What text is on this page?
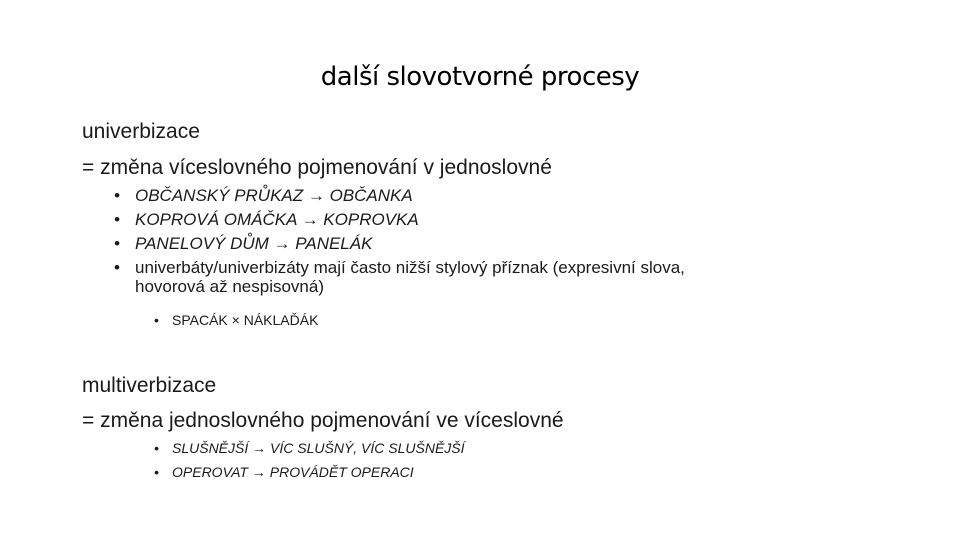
další slovotvorné procesy
univerbizace
= změna víceslovného pojmenování v jednoslovné
• OBČANSKÝ PRŮKAZ → OBČANKA
• KOPROVÁ OMÁČKA → KOPROVKA
• PANELOVÝ DŮM → PANELÁK
• univerbáty/univerbizáty mají často nižší stylový příznak (expresivní slova,
hovorová až nespisovná)
• SPACÁK × NÁKLAĎÁK
multiverbizace
= změna jednoslovného pojmenování ve víceslovné
• SLUŠNĚJŠÍ → VÍC SLUŠNÝ, VÍC SLUŠNĚJŠÍ
• OPEROVAT → PROVÁDĚT OPERACI
